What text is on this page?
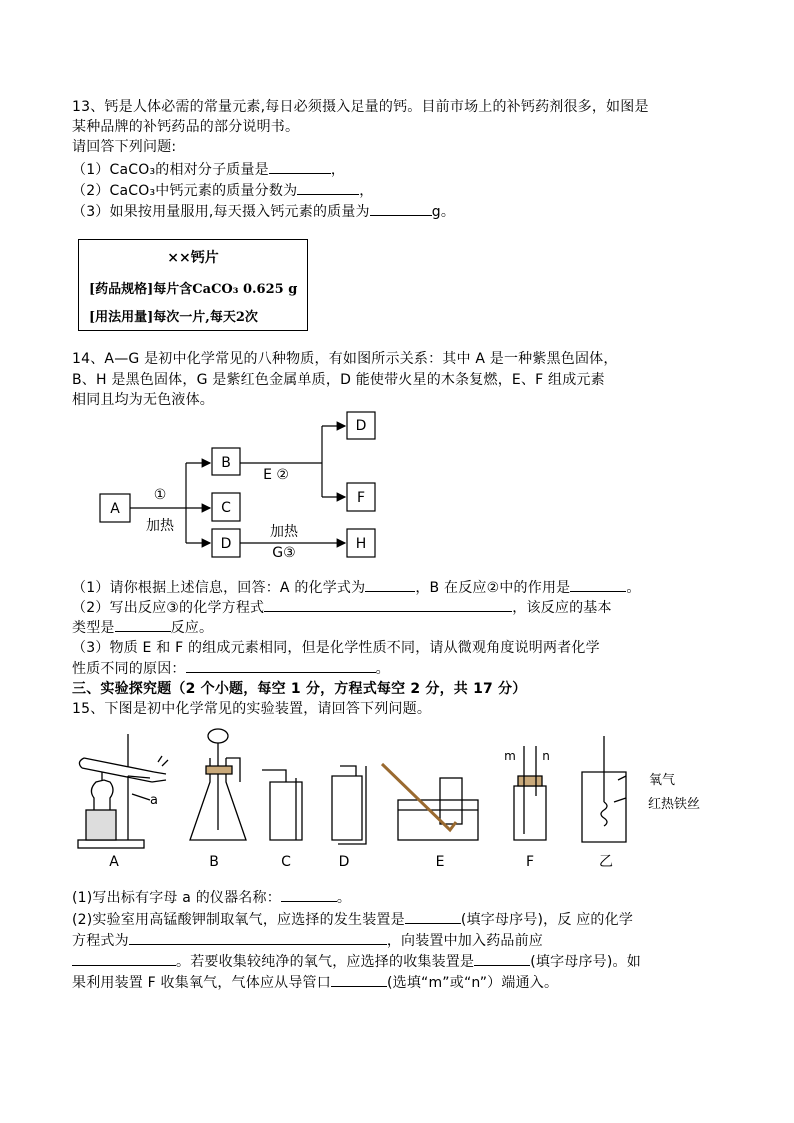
13、钙是人体必需的常量元素,每日必须摄入足量的钙。目前市场上的补钙药剂很多，如图是
某种品牌的补钙药品的部分说明书。
请回答下列问题:
（1）CaCO₃的相对分子质量是	，
（2）CaCO₃中钙元素的质量分数为	，
（3）如果按用量服用,每天摄入钙元素的质量为	g。
××钙片
[药品规格]每片含CaCO₃ 0.625 g
[用法用量]每次一片,每天2次
14、A—G 是初中化学常见的八种物质，有如图所示关系：其中 A 是一种紫黑色固体，
B、H 是黑色固体，G 是紫红色金属单质，D 能使带火星的木条复燃，E、F 组成元素
相同且均为无色液体。
A
B
C
D
D
F
H
①
加热
E ②
加热
G③
（1）请你根据上述信息，回答：A 的化学式为	，B 在反应②中的作用是	。
（2）写出反应③的化学方程式	，该反应的基本
类型是	反应。
（3）物质 E 和 F 的组成元素相同，但是化学性质不同，请从微观角度说明两者化学
性质不同的原因：	。
三、实验探究题（2 个小题，每空 1 分，方程式每空 2 分，共 17 分）
15、下图是初中化学常见的实验装置，请回答下列问题。
A	B	C	D	E	F	乙
a
m n
氧气
红热铁丝
(1)写出标有字母 a 的仪器名称：	。
(2)实验室用高锰酸钾制取氧气，应选择的发生装置是	(填字母序号)，反 应的化学
方程式为	，向装置中加入药品前应
。若要收集较纯净的氧气，应选择的收集装置是	(填字母序号)。如
果利用装置 F 收集氧气，气体应从导管口	(选填“m”或“n”）端通入。
